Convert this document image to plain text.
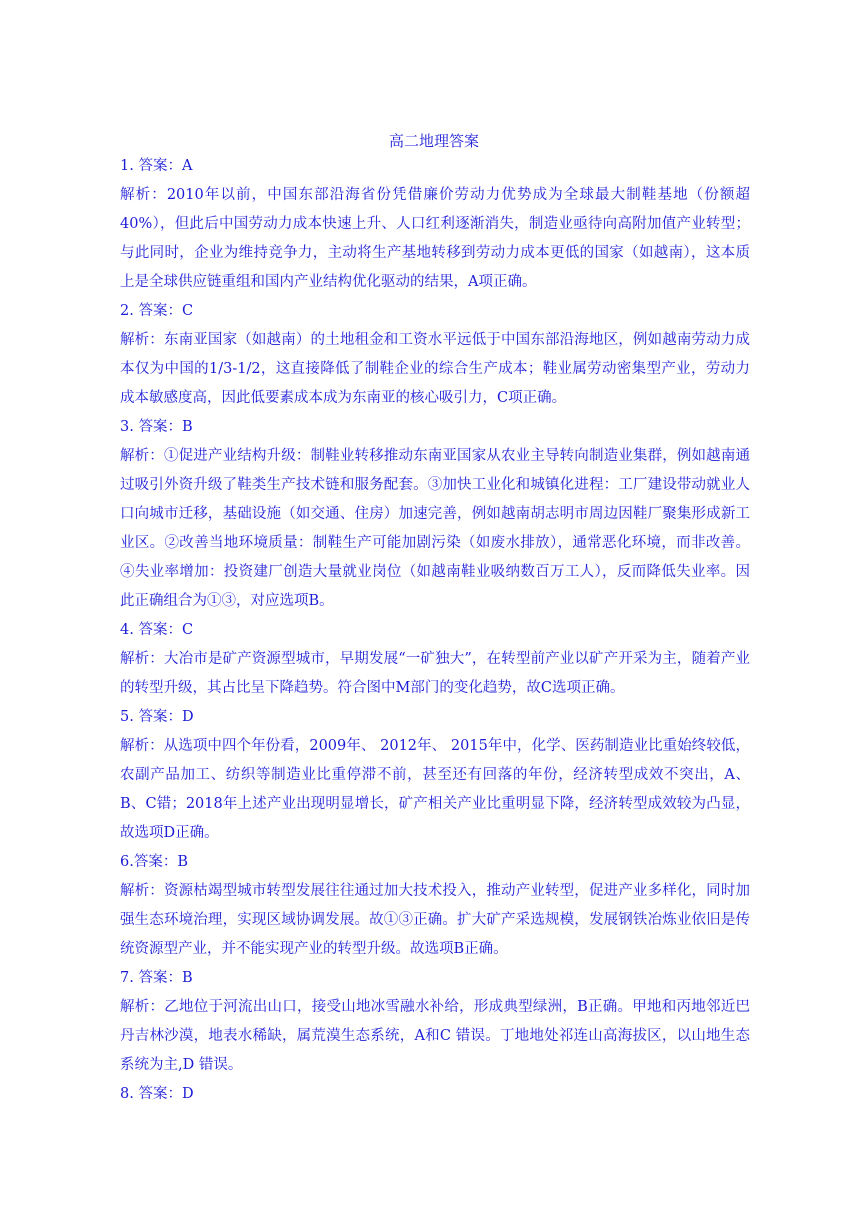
高二地理答案

1. 答案：A

解析：2010年以前，中国东部沿海省份凭借廉价劳动力优势成为全球最大制鞋基地（份额超40%），但此后中国劳动力成本快速上升、人口红利逐渐消失，制造业亟待向高附加值产业转型；与此同时，企业为维持竞争力，主动将生产基地转移到劳动力成本更低的国家（如越南），这本质上是全球供应链重组和国内产业结构优化驱动的结果，A项正确。

2. 答案：C

解析：东南亚国家（如越南）的土地租金和工资水平远低于中国东部沿海地区，例如越南劳动力成本仅为中国的1/3-1/2，这直接降低了制鞋企业的综合生产成本；鞋业属劳动密集型产业，劳动力成本敏感度高，因此低要素成本成为东南亚的核心吸引力，C项正确。

3. 答案：B

解析：①促进产业结构升级：制鞋业转移推动东南亚国家从农业主导转向制造业集群，例如越南通过吸引外资升级了鞋类生产技术链和服务配套。③加快工业化和城镇化进程：工厂建设带动就业人口向城市迁移，基础设施（如交通、住房）加速完善，例如越南胡志明市周边因鞋厂聚集形成新工业区。②改善当地环境质量：制鞋生产可能加剧污染（如废水排放），通常恶化环境，而非改善。④失业率增加：投资建厂创造大量就业岗位（如越南鞋业吸纳数百万工人），反而降低失业率。因此正确组合为①③，对应选项B。

4. 答案：C

解析：大冶市是矿产资源型城市，早期发展“一矿独大”，在转型前产业以矿产开采为主，随着产业的转型升级，其占比呈下降趋势。符合图中M部门的变化趋势，故C选项正确。

5. 答案：D

解析：从选项中四个年份看，2009年、 2012年、 2015年中，化学、医药制造业比重始终较低，农副产品加工、纺织等制造业比重停滞不前，甚至还有回落的年份，经济转型成效不突出，A、B、C错；2018年上述产业出现明显增长，矿产相关产业比重明显下降，经济转型成效较为凸显，故选项D正确。

6.答案：B

解析：资源枯竭型城市转型发展往往通过加大技术投入，推动产业转型，促进产业多样化，同时加强生态环境治理，实现区域协调发展。故①③正确。扩大矿产采选规模，发展钢铁冶炼业依旧是传统资源型产业，并不能实现产业的转型升级。故选项B正确。

7. 答案：B

解析：乙地位于河流出山口，接受山地冰雪融水补给，形成典型绿洲，B正确。甲地和丙地邻近巴丹吉林沙漠，地表水稀缺，属荒漠生态系统，A和C 错误。丁地地处祁连山高海拔区，以山地生态系统为主,D 错误。

8. 答案：D
